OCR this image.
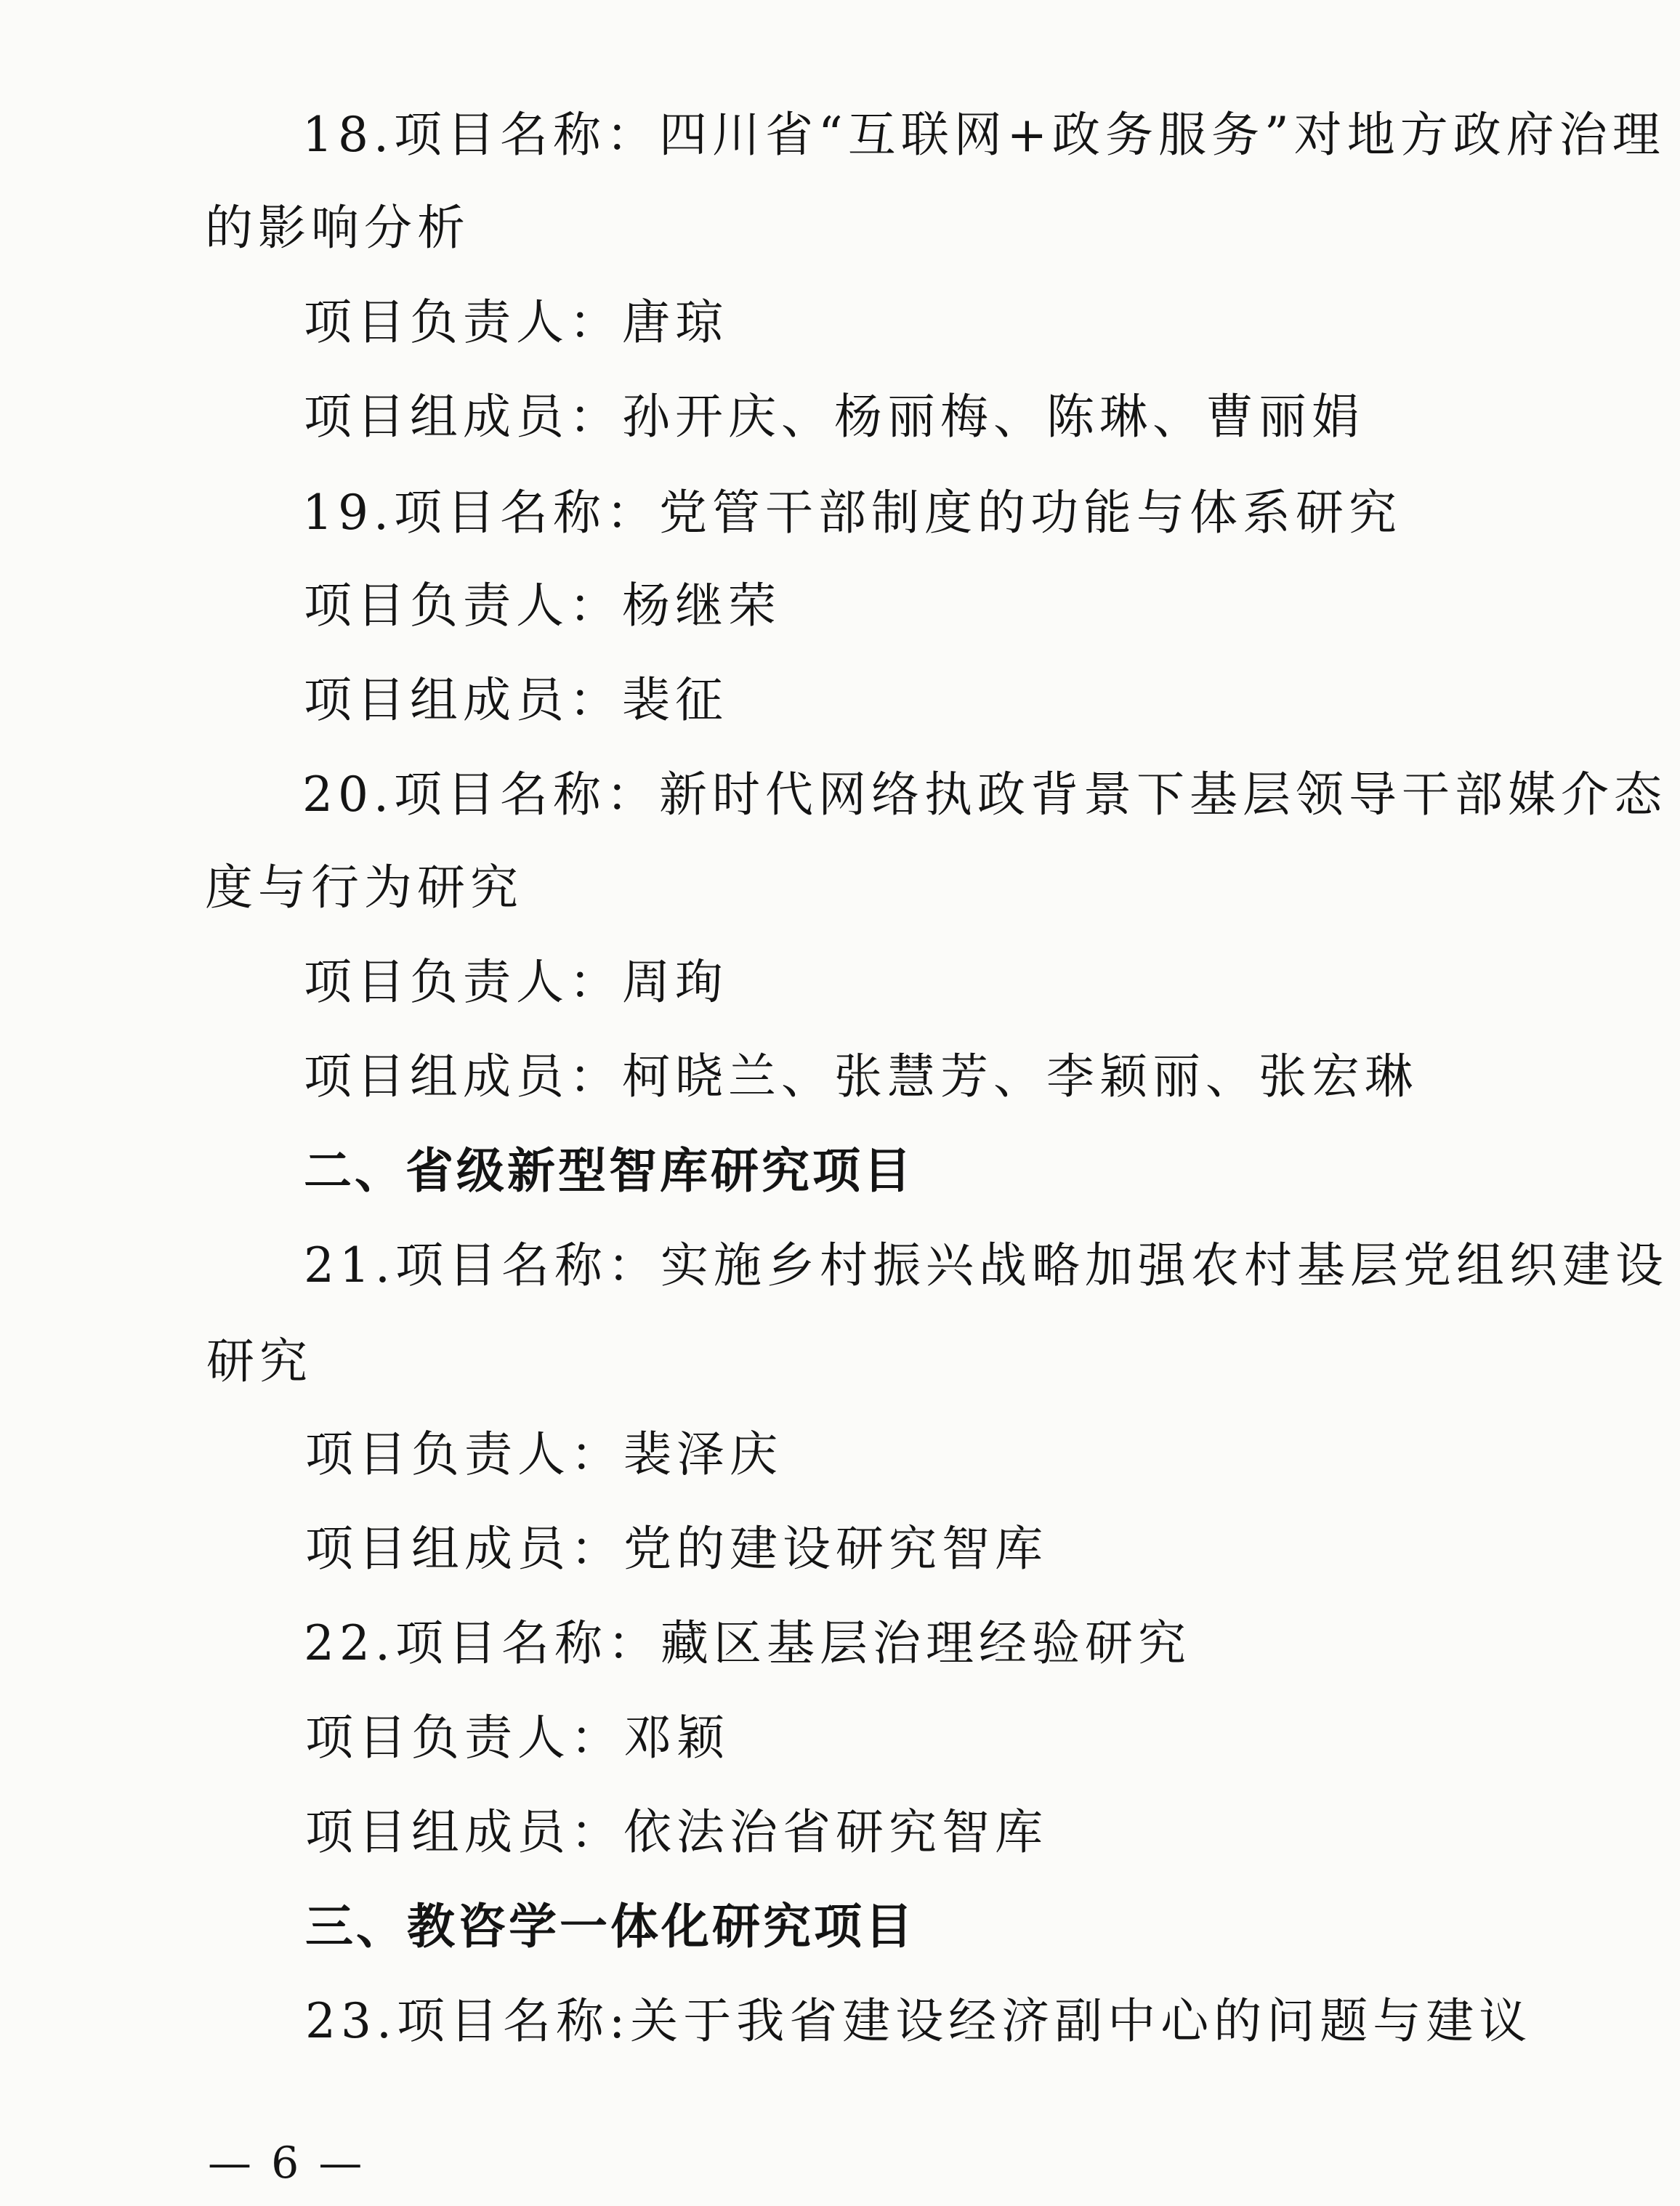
18.项目名称：四川省“互联网+政务服务”对地方政府治理
的影响分析
项目负责人：唐琼
项目组成员：孙开庆、杨丽梅、陈琳、曹丽娟
19.项目名称：党管干部制度的功能与体系研究
项目负责人：杨继荣
项目组成员：裴征
20.项目名称：新时代网络执政背景下基层领导干部媒介态
度与行为研究
项目负责人：周珣
项目组成员：柯晓兰、张慧芳、李颖丽、张宏琳
二、省级新型智库研究项目
21.项目名称：实施乡村振兴战略加强农村基层党组织建设
研究
项目负责人：裴泽庆
项目组成员：党的建设研究智库
22.项目名称：藏区基层治理经验研究
项目负责人：邓颖
项目组成员：依法治省研究智库
三、教咨学一体化研究项目
23.项目名称:关于我省建设经济副中心的问题与建议
— 6 —
